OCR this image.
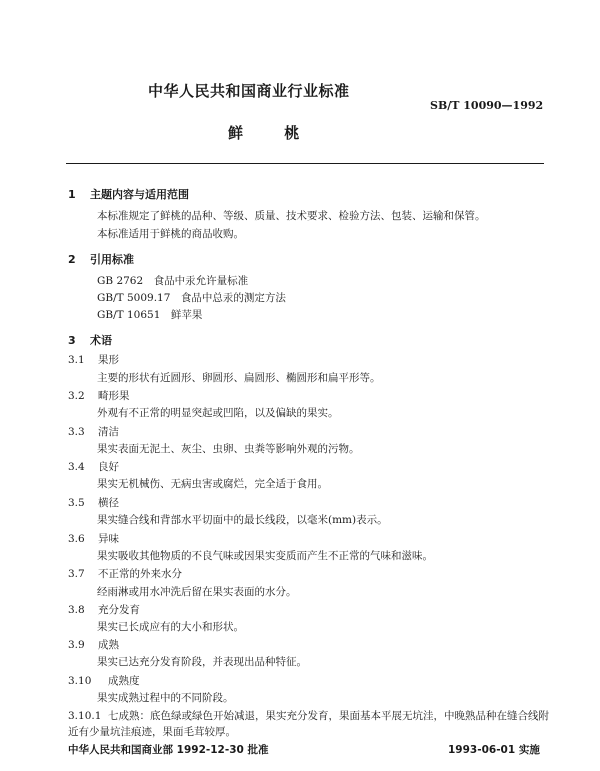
中华人民共和国商业行业标准
SB/T 10090—1992
鲜 桃
1 主题内容与适用范围
本标准规定了鲜桃的品种、等级、质量、技术要求、检验方法、包装、运输和保管。
本标准适用于鲜桃的商品收购。
2 引用标准
GB 2762　食品中汞允许量标准
GB/T 5009.17　食品中总汞的测定方法
GB/T 10651　鲜苹果
3 术语
3.1 果形
主要的形状有近圆形、卵圆形、扁圆形、椭圆形和扁平形等。
3.2 畸形果
外观有不正常的明显突起或凹陷，以及偏缺的果实。
3.3 清洁
果实表面无泥土、灰尘、虫卵、虫粪等影响外观的污物。
3.4 良好
果实无机械伤、无病虫害或腐烂，完全适于食用。
3.5 横径
果实缝合线和背部水平切面中的最长线段，以毫米(mm)表示。
3.6 异味
果实吸收其他物质的不良气味或因果实变质而产生不正常的气味和滋味。
3.7 不正常的外来水分
经雨淋或用水冲洗后留在果实表面的水分。
3.8 充分发育
果实已长成应有的大小和形状。
3.9 成熟
果实已达充分发育阶段，并表现出品种特征。
3.10 成熟度
果实成熟过程中的不同阶段。
3.10.1 七成熟：底色绿或绿色开始减退，果实充分发育，果面基本平展无坑洼，中晚熟品种在缝合线附
近有少量坑洼痕迹，果面毛茸较厚。
中华人民共和国商业部 1992-12-30 批准	1993-06-01 实施
